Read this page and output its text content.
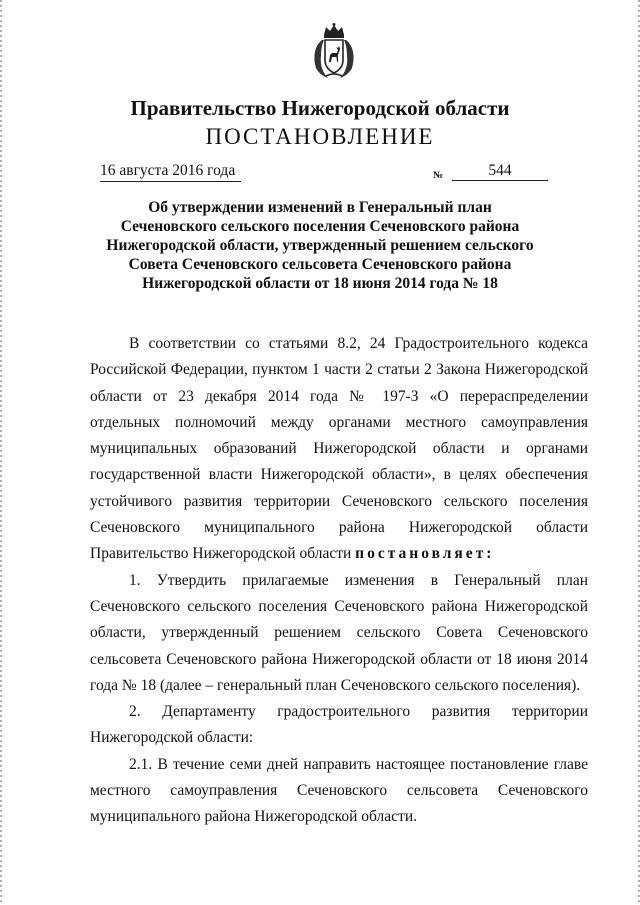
Правительство Нижегородской области
ПОСТАНОВЛЕНИЕ
16 августа 2016 года	№	544
Об утверждении изменений в Генеральный план
Сеченовского сельского поселения Сеченовского района
Нижегородской области, утвержденный решением сельского
Совета Сеченовского сельсовета Сеченовского района
Нижегородской области от 18 июня 2014 года № 18

В соответствии со статьями 8.2, 24 Градостроительного кодекса Российской Федерации, пунктом 1 части 2 статьи 2 Закона Нижегородской области от 23 декабря 2014 года № 197-З «О перераспределении отдельных полномочий между органами местного самоуправления муниципальных образований Нижегородской области и органами государственной власти Нижегородской области», в целях обеспечения устойчивого развития территории Сеченовского сельского поселения Сеченовского муниципального района Нижегородской области Правительство Нижегородской области постановляет:

1. Утвердить прилагаемые изменения в Генеральный план Сеченовского сельского поселения Сеченовского района Нижегородской области, утвержденный решением сельского Совета Сеченовского сельсовета Сеченовского района Нижегородской области от 18 июня 2014 года № 18 (далее – генеральный план Сеченовского сельского поселения).

2. Департаменту градостроительного развития территории Нижегородской области:

2.1. В течение семи дней направить настоящее постановление главе местного самоуправления Сеченовского сельсовета Сеченовского муниципального района Нижегородской области.
